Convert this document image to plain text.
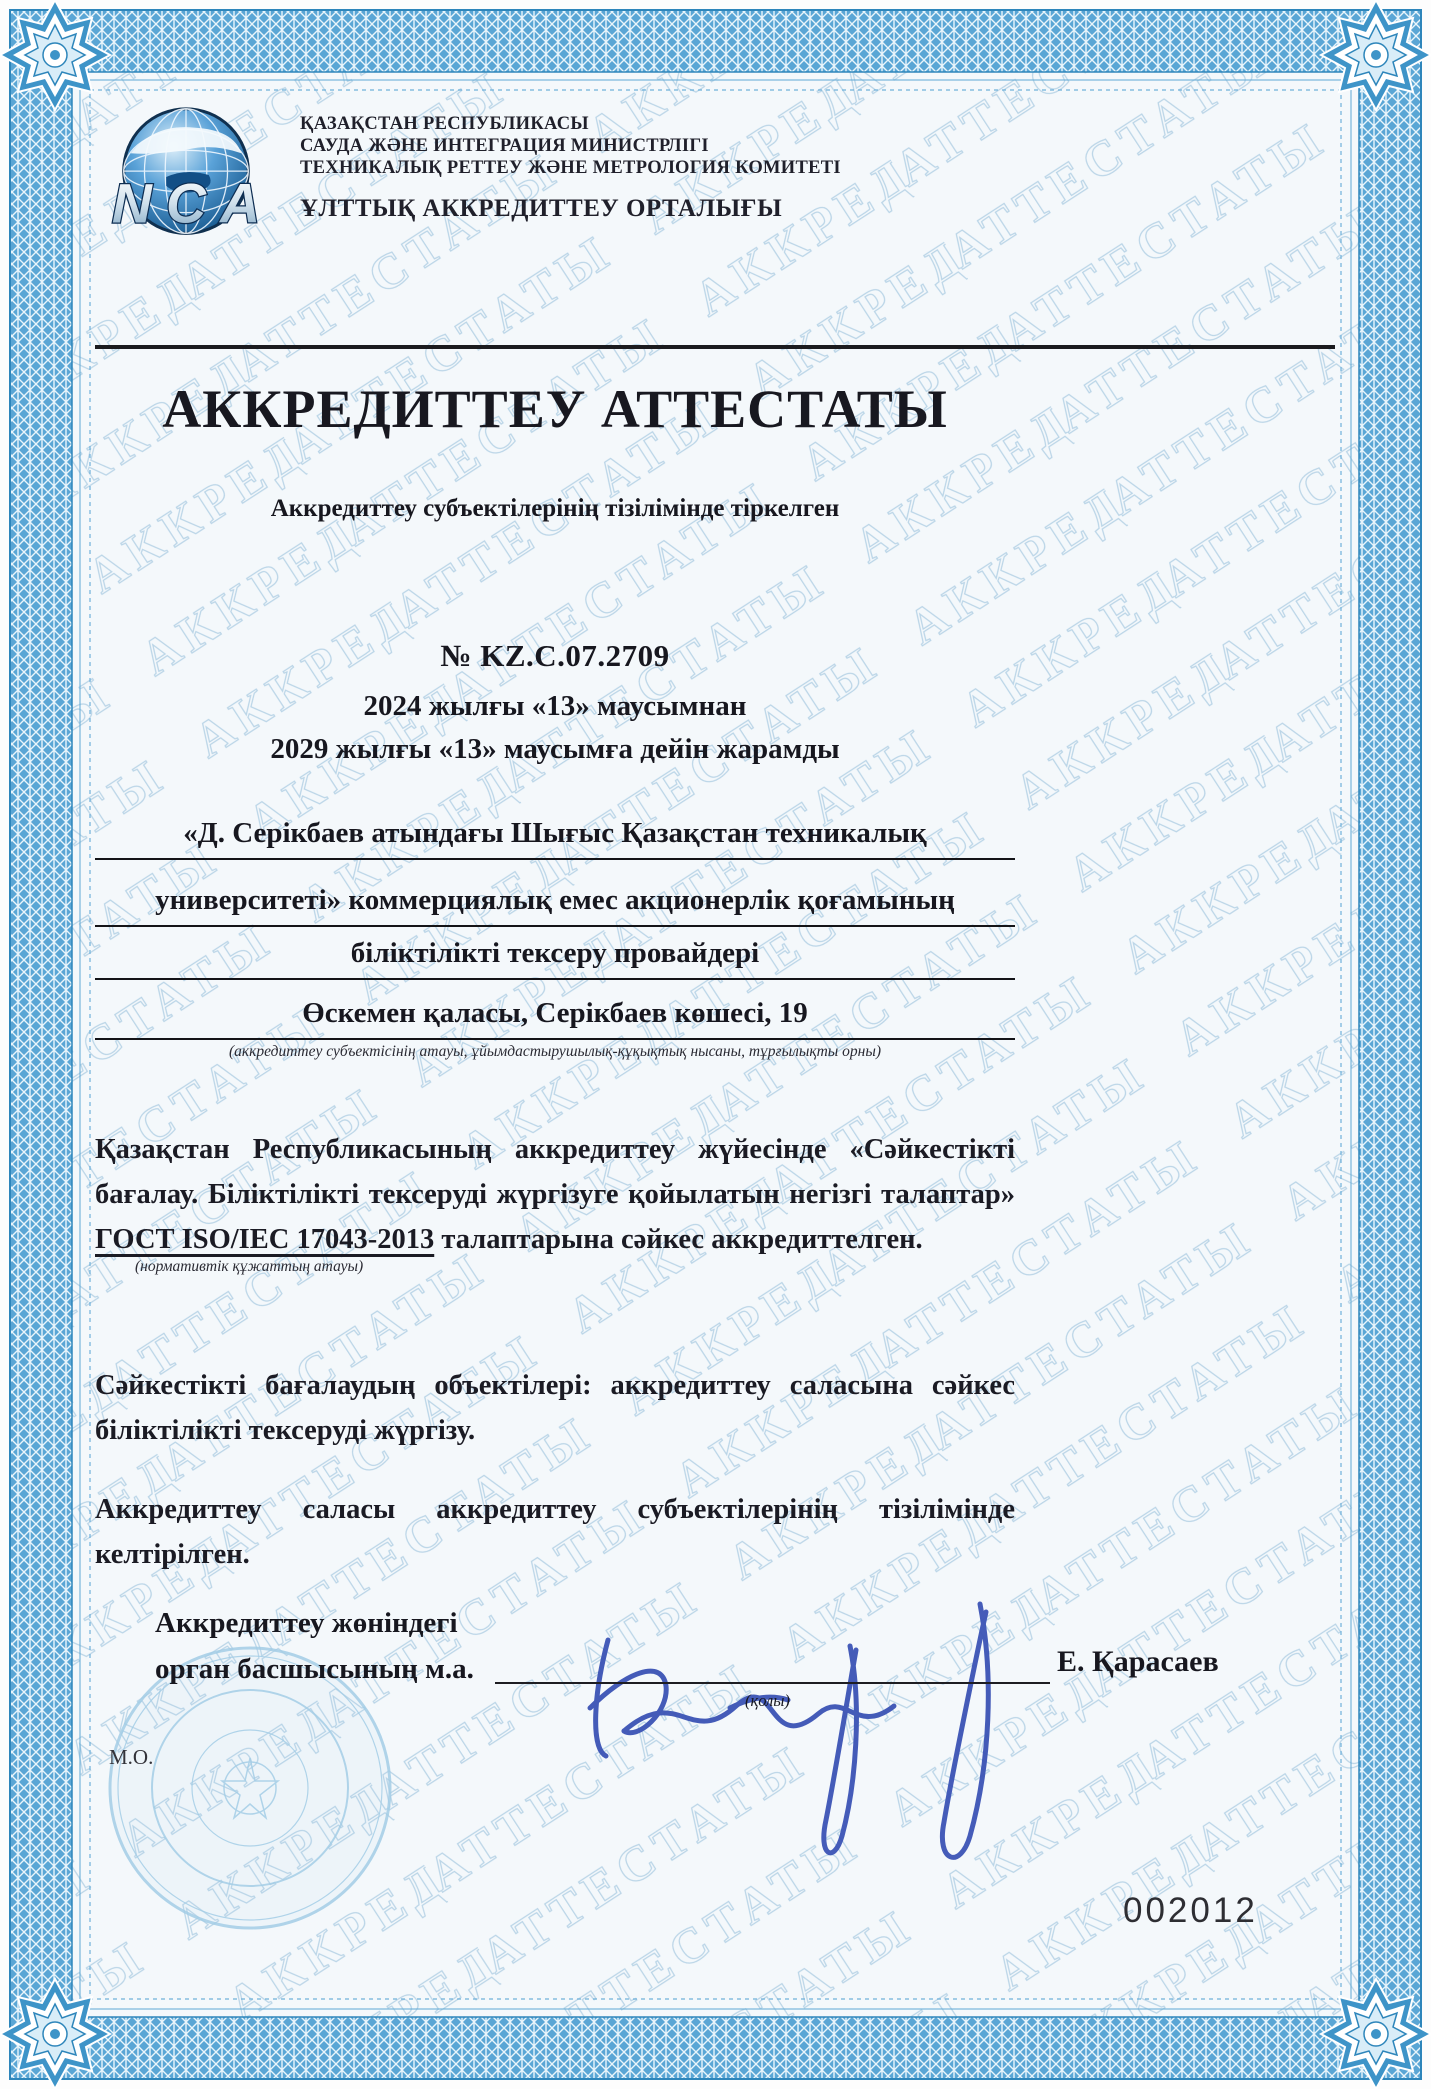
NCA
ҚАЗАҚСТАН РЕСПУБЛИКАСЫ
САУДА ЖӘНЕ ИНТЕГРАЦИЯ МИНИСТРЛІГІ
ТЕХНИКАЛЫҚ РЕТТЕУ ЖӘНЕ МЕТРОЛОГИЯ КОМИТЕТІ
ҰЛТТЫҚ АККРЕДИТТЕУ ОРТАЛЫҒЫ
АККРЕДИТТЕУ АТТЕСТАТЫ
Аккредиттеу субъектілерінің тізілімінде тіркелген
№ KZ.C.07.2709
2024 жылғы «13» маусымнан
2029 жылғы «13» маусымға дейін жарамды
«Д. Серікбаев атындағы Шығыс Қазақстан техникалық
университеті» коммерциялық емес акционерлік қоғамының
біліктілікті тексеру провайдері
Өскемен қаласы, Серікбаев көшесі, 19
(аккредиттеу субъектісінің атауы, ұйымдастырушылық-құқықтық нысаны, тұрғылықты орны)
Қазақстан Республикасының аккредиттеу жүйесінде «Сәйкестікті бағалау. Біліктілікті тексеруді жүргізуге қойылатын негізгі талаптар» ГОСТ ISO/IEC 17043-2013 талаптарына сәйкес аккредиттелген.
(нормативтік құжаттың атауы)
Сәйкестікті бағалаудың объектілері: аккредиттеу саласына сәйкес біліктілікті тексеруді жүргізу.
Аккредиттеу саласы аккредиттеу субъектілерінің тізілімінде келтірілген.
Аккредиттеу жөніндегі
орган басшысының м.а.
(қолы)
Е. Қарасаев
М.О.
002012
